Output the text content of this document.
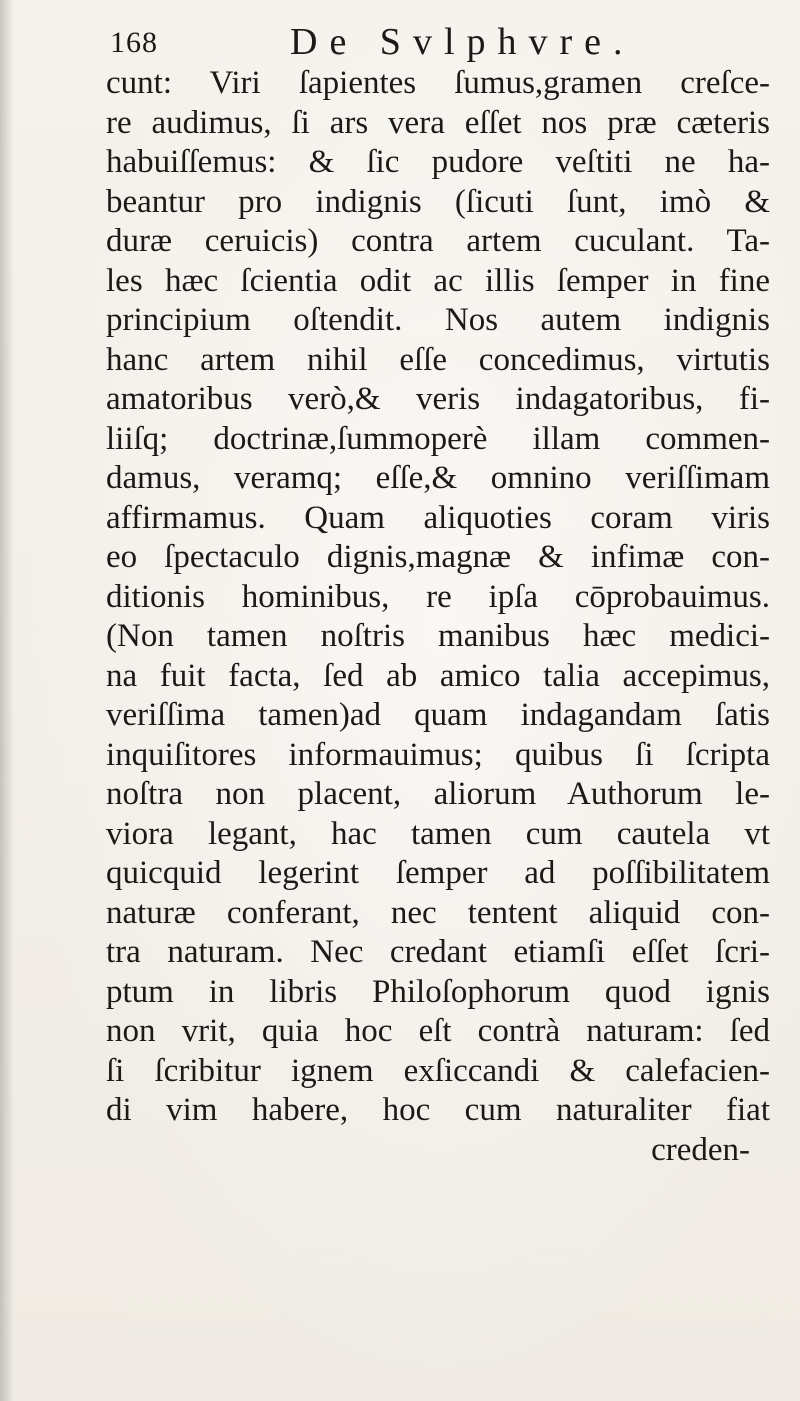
168	De Svlphvre.
cunt: Viri ſapientes ſumus,gramen creſce-
re audimus, ſi ars vera eſſet nos præ cæteris
habuiſſemus: & ſic pudore veſtiti ne ha-
beantur pro indignis (ſicuti ſunt, imò &
duræ ceruicis) contra artem cuculant. Ta-
les hæc ſcientia odit ac illis ſemper in fine
principium oſtendit. Nos autem indignis
hanc artem nihil eſſe concedimus, virtutis
amatoribus verò,& veris indagatoribus, fi-
liiſq; doctrinæ,ſummoperè illam commen-
damus, veramq; eſſe,& omnino veriſſimam
affirmamus. Quam aliquoties coram viris
eo ſpectaculo dignis,magnæ & infimæ con-
ditionis hominibus, re ipſa cōprobauimus.
(Non tamen noſtris manibus hæc medici-
na fuit facta, ſed ab amico talia accepimus,
veriſſima tamen)ad quam indagandam ſatis
inquiſitores informauimus; quibus ſi ſcripta
noſtra non placent, aliorum Authorum le-
viora legant, hac tamen cum cautela vt
quicquid legerint ſemper ad poſſibilitatem
naturæ conferant, nec tentent aliquid con-
tra naturam. Nec credant etiamſi eſſet ſcri-
ptum in libris Philoſophorum quod ignis
non vrit, quia hoc eſt contrà naturam: ſed
ſi ſcribitur ignem exſiccandi & calefacien-
di vim habere, hoc cum naturaliter fiat
creden-
